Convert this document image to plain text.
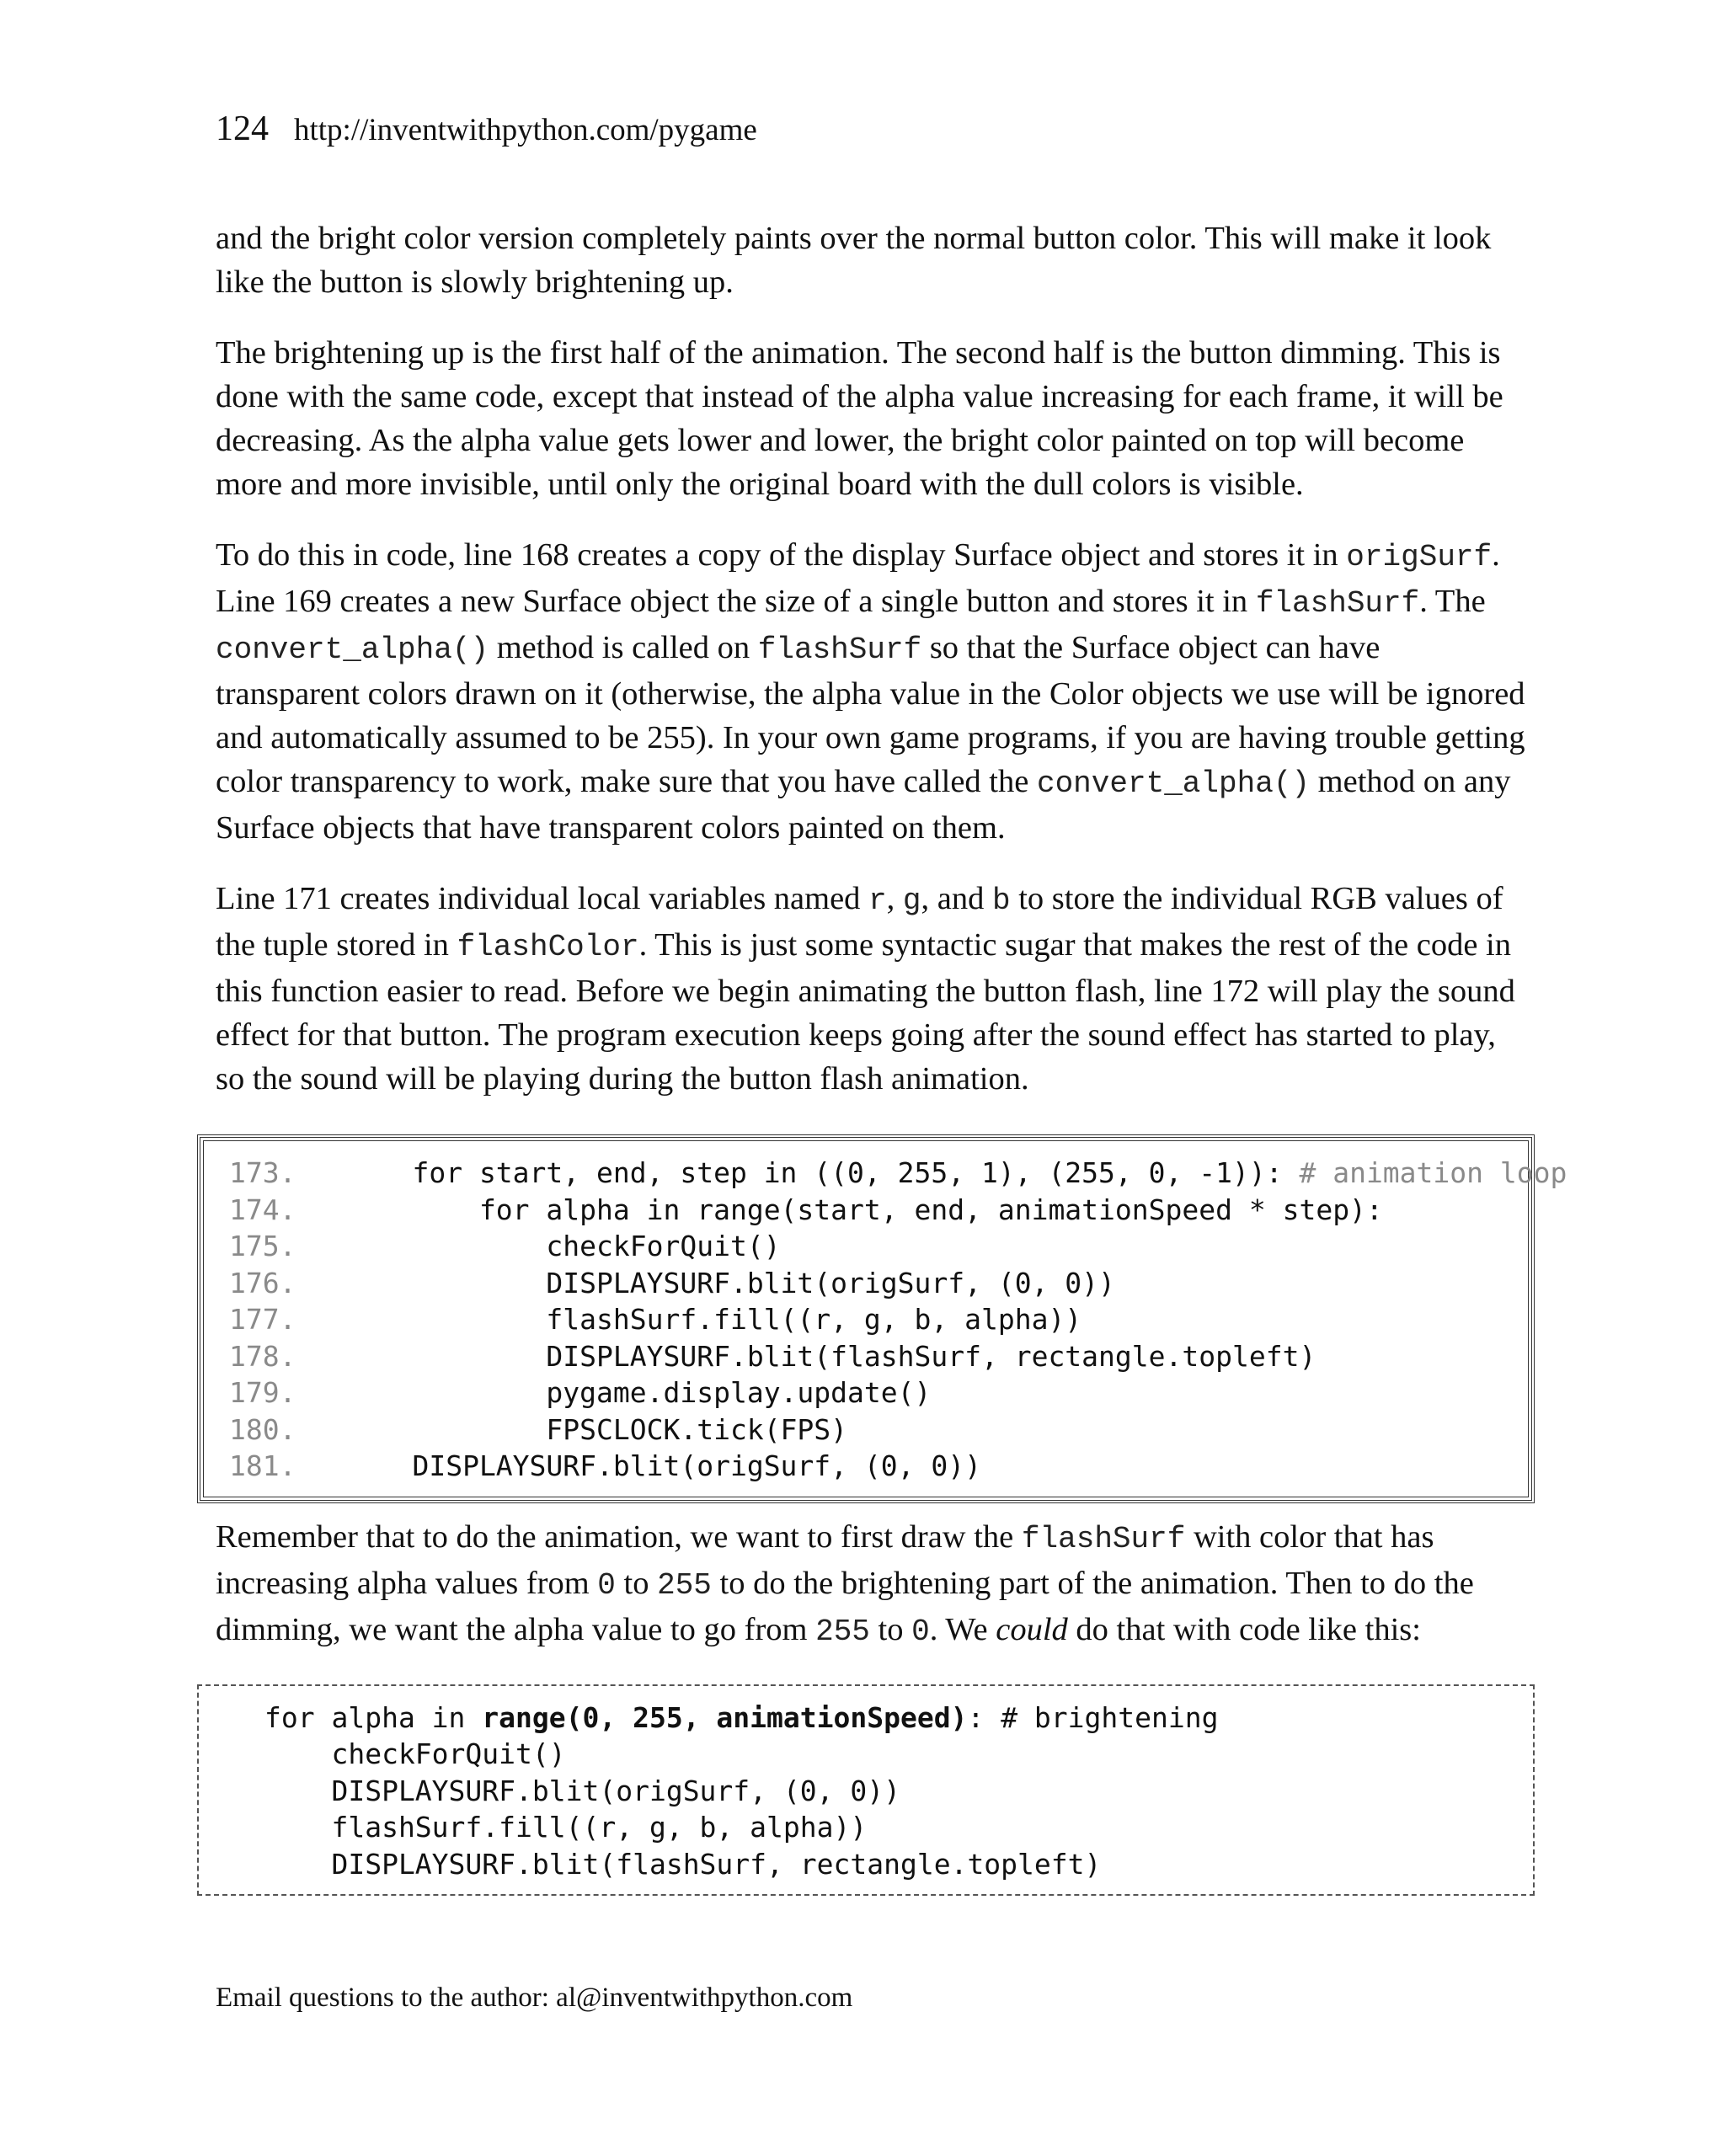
124 http://inventwithpython.com/pygame

and the bright color version completely paints over the normal button color. This will make it look like the button is slowly brightening up.

The brightening up is the first half of the animation. The second half is the button dimming. This is done with the same code, except that instead of the alpha value increasing for each frame, it will be decreasing. As the alpha value gets lower and lower, the bright color painted on top will become more and more invisible, until only the original board with the dull colors is visible.

To do this in code, line 168 creates a copy of the display Surface object and stores it in origSurf. Line 169 creates a new Surface object the size of a single button and stores it in flashSurf. The convert_alpha() method is called on flashSurf so that the Surface object can have transparent colors drawn on it (otherwise, the alpha value in the Color objects we use will be ignored and automatically assumed to be 255). In your own game programs, if you are having trouble getting color transparency to work, make sure that you have called the convert_alpha() method on any Surface objects that have transparent colors painted on them.

Line 171 creates individual local variables named r, g, and b to store the individual RGB values of the tuple stored in flashColor. This is just some syntactic sugar that makes the rest of the code in this function easier to read. Before we begin animating the button flash, line 172 will play the sound effect for that button. The program execution keeps going after the sound effect has started to play, so the sound will be playing during the button flash animation.

173.    for start, end, step in ((0, 255, 1), (255, 0, -1)): # animation loop
174.        for alpha in range(start, end, animationSpeed * step):
175.            checkForQuit()
176.            DISPLAYSURF.blit(origSurf, (0, 0))
177.            flashSurf.fill((r, g, b, alpha))
178.            DISPLAYSURF.blit(flashSurf, rectangle.topleft)
179.            pygame.display.update()
180.            FPSCLOCK.tick(FPS)
181.    DISPLAYSURF.blit(origSurf, (0, 0))

Remember that to do the animation, we want to first draw the flashSurf with color that has increasing alpha values from 0 to 255 to do the brightening part of the animation. Then to do the dimming, we want the alpha value to go from 255 to 0. We could do that with code like this:

for alpha in range(0, 255, animationSpeed): # brightening
checkForQuit()
DISPLAYSURF.blit(origSurf, (0, 0))
flashSurf.fill((r, g, b, alpha))
DISPLAYSURF.blit(flashSurf, rectangle.topleft)
Email questions to the author: al@inventwithpython.com
